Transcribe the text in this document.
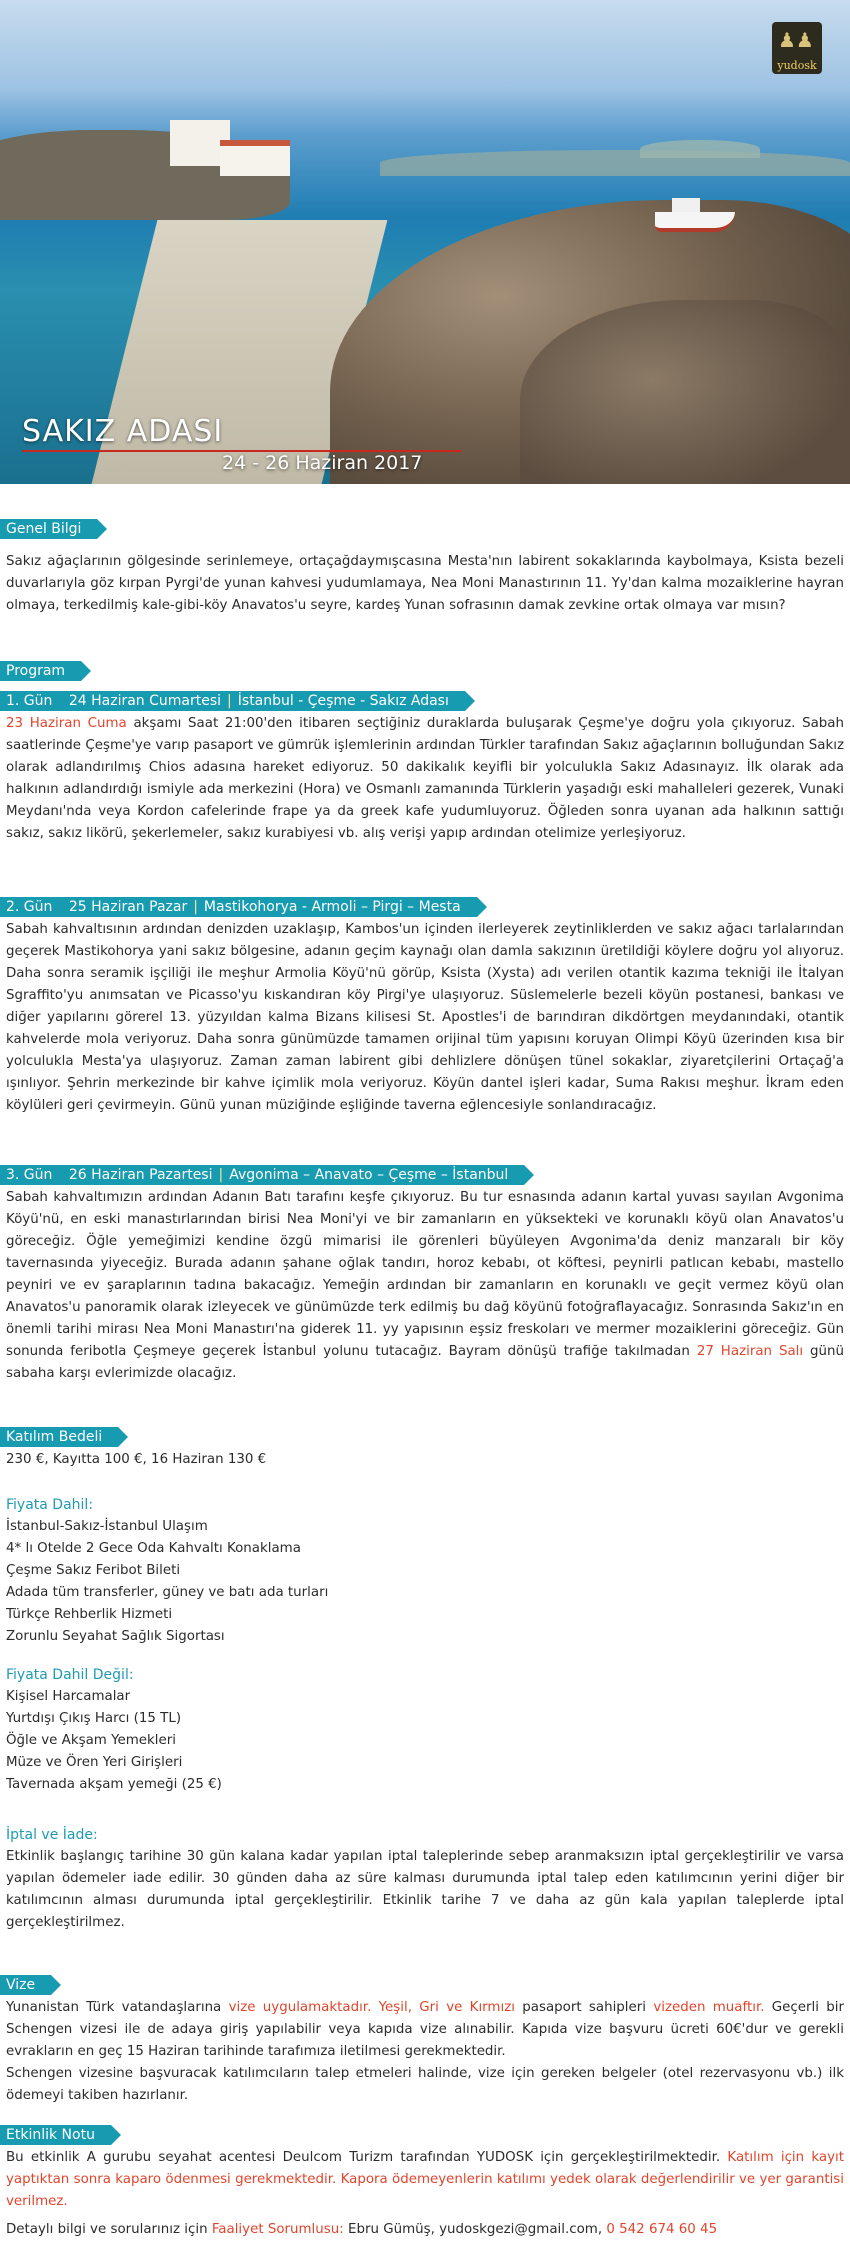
♟♟
yudosk
SAKIZ ADASI
24 - 26 Haziran 2017
Genel Bilgi

Sakız ağaçlarının gölgesinde serinlemeye, ortaçağdaymışcasına Mesta'nın labirent sokaklarında kaybolmaya, Ksista bezeli duvarlarıyla göz kırpan Pyrgi'de yunan kahvesi yudumlamaya, Nea Moni Manastırının 11. Yy'dan kalma mozaiklerine hayran olmaya, terkedilmiş kale-gibi-köy Anavatos'u seyre, kardeş Yunan sofrasının damak zevkine ortak olmaya var mısın?

Program
1. Gün 24 Haziran Cumartesi | İstanbul - Çeşme - Sakız Adası

23 Haziran Cuma akşamı Saat 21:00'den itibaren seçtiğiniz duraklarda buluşarak Çeşme'ye doğru yola çıkıyoruz. Sabah saatlerinde Çeşme'ye varıp pasaport ve gümrük işlemlerinin ardından Türkler tarafından Sakız ağaçlarının bolluğundan Sakız olarak adlandırılmış Chios adasına hareket ediyoruz. 50 dakikalık keyifli bir yolculukla Sakız Adasınayız. İlk olarak ada halkının adlandırdığı ismiyle ada merkezini (Hora) ve Osmanlı zamanında Türklerin yaşadığı eski mahalleleri gezerek, Vunaki Meydanı'nda veya Kordon cafelerinde frape ya da greek kafe yudumluyoruz. Öğleden sonra uyanan ada halkının sattığı sakız, sakız likörü, şekerlemeler, sakız kurabiyesi vb. alış verişi yapıp ardından otelimize yerleşiyoruz.

2. Gün 25 Haziran Pazar | Mastikohorya - Armoli – Pirgi – Mesta

Sabah kahvaltısının ardından denizden uzaklaşıp, Kambos'un içinden ilerleyerek zeytinliklerden ve sakız ağacı tarlalarından geçerek Mastikohorya yani sakız bölgesine, adanın geçim kaynağı olan damla sakızının üretildiği köylere doğru yol alıyoruz. Daha sonra seramik işçiliği ile meşhur Armolia Köyü'nü görüp, Ksista (Xysta) adı verilen otantik kazıma tekniği ile İtalyan Sgraffito'yu anımsatan ve Picasso'yu kıskandıran köy Pirgi'ye ulaşıyoruz. Süslemelerle bezeli köyün postanesi, bankası ve diğer yapılarını görerel 13. yüzyıldan kalma Bizans kilisesi St. Apostles'i de barındıran dikdörtgen meydanındaki, otantik kahvelerde mola veriyoruz. Daha sonra günümüzde tamamen orijinal tüm yapısını koruyan Olimpi Köyü üzerinden kısa bir yolculukla Mesta'ya ulaşıyoruz. Zaman zaman labirent gibi dehlizlere dönüşen tünel sokaklar, ziyaretçilerini Ortaçağ'a ışınlıyor. Şehrin merkezinde bir kahve içimlik mola veriyoruz. Köyün dantel işleri kadar, Suma Rakısı meşhur. İkram eden köylüleri geri çevirmeyin. Günü yunan müziğinde eşliğinde taverna eğlencesiyle sonlandıracağız.

3. Gün 26 Haziran Pazartesi | Avgonima – Anavato – Çeşme – İstanbul

Sabah kahvaltımızın ardından Adanın Batı tarafını keşfe çıkıyoruz. Bu tur esnasında adanın kartal yuvası sayılan Avgonima Köyü'nü, en eski manastırlarından birisi Nea Moni'yi ve bir zamanların en yüksekteki ve korunaklı köyü olan Anavatos'u göreceğiz. Öğle yemeğimizi kendine özgü mimarisi ile görenleri büyüleyen Avgonima'da deniz manzaralı bir köy tavernasında yiyeceğiz. Burada adanın şahane oğlak tandırı, horoz kebabı, ot köftesi, peynirli patlıcan kebabı, mastello peyniri ve ev şaraplarının tadına bakacağız. Yemeğin ardından bir zamanların en korunaklı ve geçit vermez köyü olan Anavatos'u panoramik olarak izleyecek ve günümüzde terk edilmiş bu dağ köyünü fotoğraflayacağız. Sonrasında Sakız'ın en önemli tarihi mirası Nea Moni Manastırı'na giderek 11. yy yapısının eşsiz freskoları ve mermer mozaiklerini göreceğiz. Gün sonunda feribotla Çeşmeye geçerek İstanbul yolunu tutacağız. Bayram dönüşü trafiğe takılmadan 27 Haziran Salı günü sabaha karşı evlerimizde olacağız.

Katılım Bedeli

230 €, Kayıtta 100 €, 16 Haziran 130 €

Fiyata Dahil:

İstanbul-Sakız-İstanbul Ulaşım
4* lı Otelde 2 Gece Oda Kahvaltı Konaklama
Çeşme Sakız Feribot Bileti
Adada tüm transferler, güney ve batı ada turları
Türkçe Rehberlik Hizmeti
Zorunlu Seyahat Sağlık Sigortası

Fiyata Dahil Değil:

Kişisel Harcamalar
Yurtdışı Çıkış Harcı (15 TL)
Öğle ve Akşam Yemekleri
Müze ve Ören Yeri Girişleri
Tavernada akşam yemeği (25 €)

İptal ve İade:

Etkinlik başlangıç tarihine 30 gün kalana kadar yapılan iptal taleplerinde sebep aranmaksızın iptal gerçekleştirilir ve varsa yapılan ödemeler iade edilir. 30 günden daha az süre kalması durumunda iptal talep eden katılımcının yerini diğer bir katılımcının alması durumunda iptal gerçekleştirilir. Etkinlik tarihe 7 ve daha az gün kala yapılan taleplerde iptal gerçekleştirilmez.

Vize

Yunanistan Türk vatandaşlarına vize uygulamaktadır. Yeşil, Gri ve Kırmızı pasaport sahipleri vizeden muaftır. Geçerli bir Schengen vizesi ile de adaya giriş yapılabilir veya kapıda vize alınabilir. Kapıda vize başvuru ücreti 60€'dur ve gerekli evrakların en geç 15 Haziran tarihinde tarafımıza iletilmesi gerekmektedir.

Schengen vizesine başvuracak katılımcıların talep etmeleri halinde, vize için gereken belgeler (otel rezervasyonu vb.) ilk ödemeyi takiben hazırlanır.

Etkinlik Notu

Bu etkinlik A gurubu seyahat acentesi Deulcom Turizm tarafından YUDOSK için gerçekleştirilmektedir. Katılım için kayıt yaptıktan sonra kaparo ödenmesi gerekmektedir. Kapora ödemeyenlerin katılımı yedek olarak değerlendirilir ve yer garantisi verilmez.

Detaylı bilgi ve sorularınız için Faaliyet Sorumlusu: Ebru Gümüş, yudoskgezi@gmail.com, 0 542 674 60 45
